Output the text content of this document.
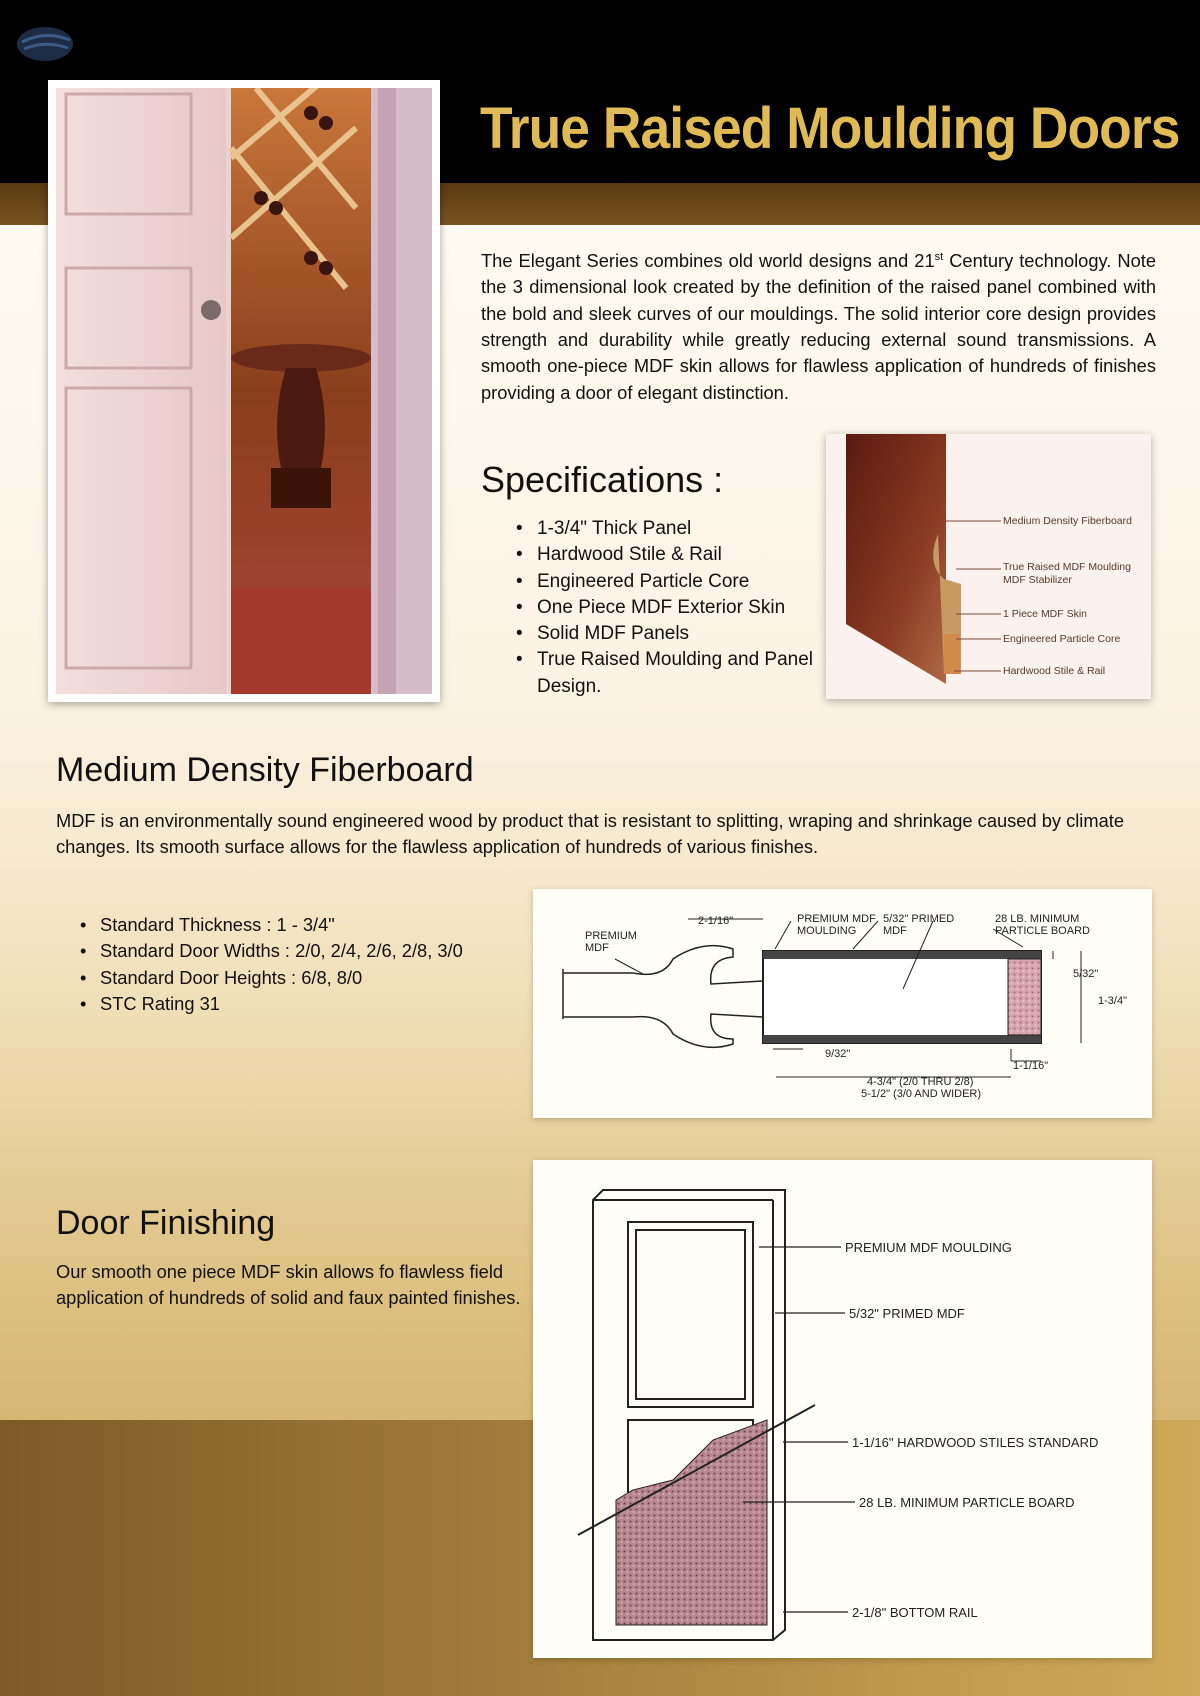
True Raised Moulding Doors
The Elegant Series combines old world designs and 21st Century technology. Note the 3 dimensional look created by the definition of the raised panel combined with the bold and sleek curves of our mouldings. The solid interior core design provides strength and durability while greatly reducing external sound transmissions. A smooth one-piece MDF skin allows for flawless application of hundreds of finishes providing a door of elegant distinction.
Specifications :
• 1-3/4" Thick Panel
• Hardwood Stile & Rail
• Engineered Particle Core
• One Piece MDF Exterior Skin
• Solid MDF Panels
• True Raised Moulding and Panel Design.
Medium Density Fiberboard
True Raised MDF Moulding
MDF Stabilizer
1 Piece MDF Skin
Engineered Particle Core
Hardwood Stile & Rail
Medium Density Fiberboard
MDF is an environmentally sound engineered wood by product that is resistant to splitting, wraping and shrinkage caused by climate changes. Its smooth surface allows for the flawless application of hundreds of various finishes.
• Standard Thickness : 1 - 3/4"
• Standard Door Widths : 2/0, 2/4, 2/6, 2/8, 3/0
• Standard Door Heights : 6/8, 8/0
• STC Rating 31
PREMIUM
MDF
2-1/16"	PREMIUM MDF
MOULDING
5/32" PRIMED
MDF
28 LB. MINIMUM
PARTICLE BOARD
5/32"
1-3/4"
9/32"
1-1/16"
4-3/4" (2/0 THRU 2/8)
5-1/2" (3/0 AND WIDER)
Door Finishing
Our smooth one piece MDF skin allows fo flawless field application of hundreds of solid and faux painted finishes.
PREMIUM MDF MOULDING
5/32" PRIMED MDF
1-1/16" HARDWOOD STILES STANDARD
28 LB. MINIMUM PARTICLE BOARD
2-1/8" BOTTOM RAIL
